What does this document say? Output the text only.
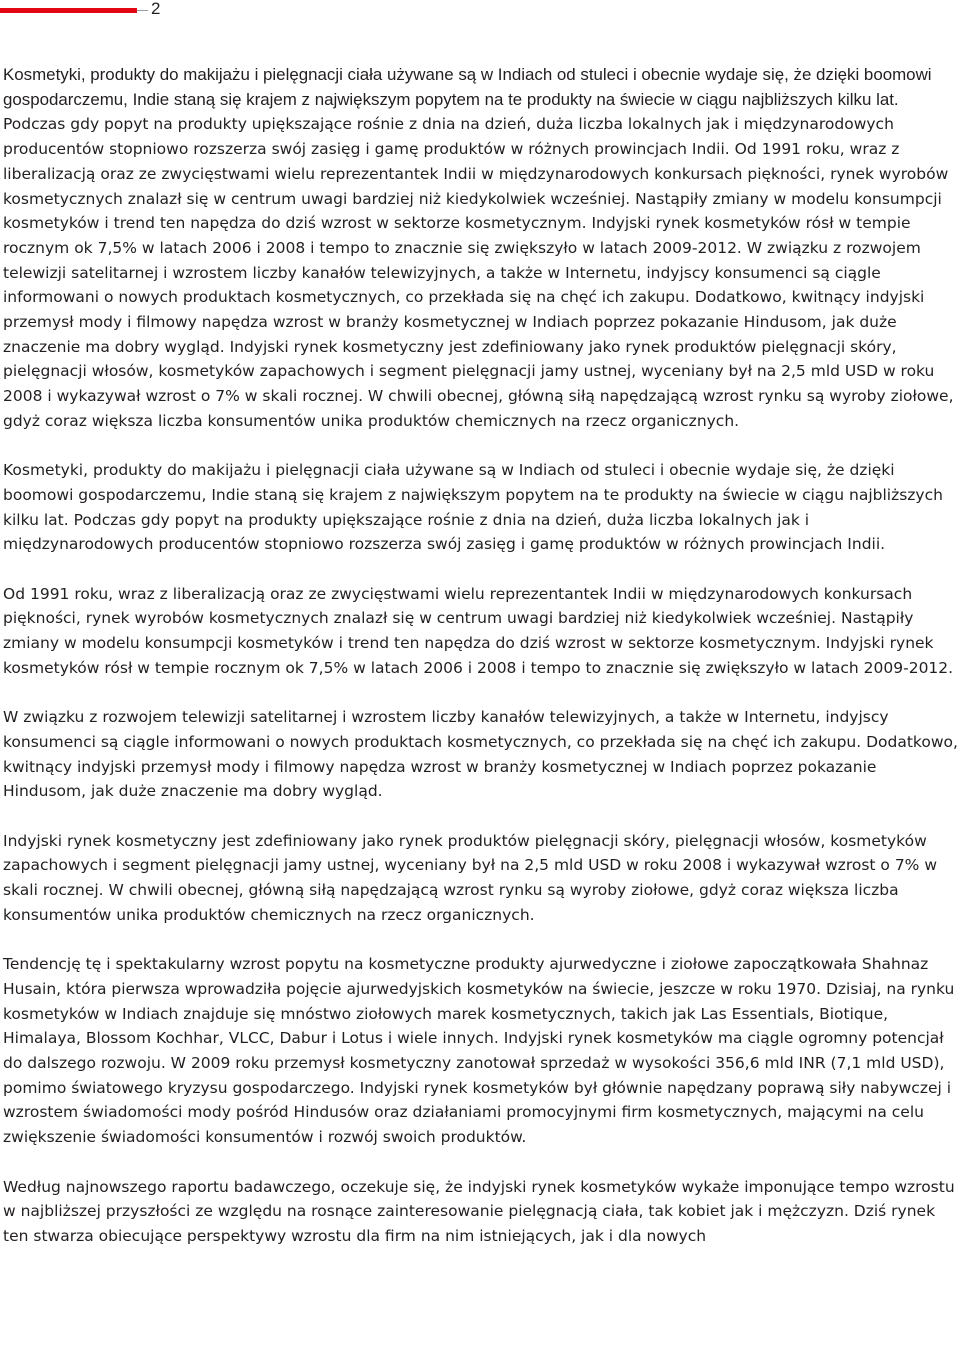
2

Kosmetyki, produkty do makijażu i pielęgnacji ciała używane są w Indiach od stuleci i obecnie wydaje się, że dzięki boomowi gospodarczemu, Indie staną się krajem z największym popytem na te produkty na świecie w ciągu najbliższych kilku lat. Podczas gdy popyt na produkty upiększające rośnie z dnia na dzień, duża liczba lokalnych jak i międzynarodowych producentów stopniowo rozszerza swój zasięg i gamę produktów w różnych prowincjach Indii. Od 1991 roku, wraz z liberalizacją oraz ze zwycięstwami wielu reprezentantek Indii w międzynarodowych konkursach piękności, rynek wyrobów kosmetycznych znalazł się w centrum uwagi bardziej niż kiedykolwiek wcześniej. Nastąpiły zmiany w modelu konsumpcji kosmetyków i trend ten napędza do dziś wzrost w sektorze kosmetycznym. Indyjski rynek kosmetyków rósł w tempie rocznym ok 7,5% w latach 2006 i 2008 i tempo to znacznie się zwiększyło w latach 2009-2012. W związku z rozwojem telewizji satelitarnej i wzrostem liczby kanałów telewizyjnych, a także w Internetu, indyjscy konsumenci są ciągle informowani o nowych produktach kosmetycznych, co przekłada się na chęć ich zakupu. Dodatkowo, kwitnący indyjski przemysł mody i filmowy napędza wzrost w branży kosmetycznej w Indiach poprzez pokazanie Hindusom, jak duże znaczenie ma dobry wygląd. Indyjski rynek kosmetyczny jest zdefiniowany jako rynek produktów pielęgnacji skóry, pielęgnacji włosów, kosmetyków zapachowych i segment pielęgnacji jamy ustnej, wyceniany był na 2,5 mld USD w roku 2008 i wykazywał wzrost o 7% w skali rocznej. W chwili obecnej, główną siłą napędzającą wzrost rynku są wyroby ziołowe, gdyż coraz większa liczba konsumentów unika produktów chemicznych na rzecz organicznych.

Kosmetyki, produkty do makijażu i pielęgnacji ciała używane są w Indiach od stuleci i obecnie wydaje się, że dzięki boomowi gospodarczemu, Indie staną się krajem z największym popytem na te produkty na świecie w ciągu najbliższych kilku lat. Podczas gdy popyt na produkty upiększające rośnie z dnia na dzień, duża liczba lokalnych jak i międzynarodowych producentów stopniowo rozszerza swój zasięg i gamę produktów w różnych prowincjach Indii.

Od 1991 roku, wraz z liberalizacją oraz ze zwycięstwami wielu reprezentantek Indii w międzynarodowych konkursach piękności, rynek wyrobów kosmetycznych znalazł się w centrum uwagi bardziej niż kiedykolwiek wcześniej. Nastąpiły zmiany w modelu konsumpcji kosmetyków i trend ten napędza do dziś wzrost w sektorze kosmetycznym. Indyjski rynek kosmetyków rósł w tempie rocznym ok 7,5% w latach 2006 i 2008 i tempo to znacznie się zwiększyło w latach 2009-2012.

W związku z rozwojem telewizji satelitarnej i wzrostem liczby kanałów telewizyjnych, a także w Internetu, indyjscy konsumenci są ciągle informowani o nowych produktach kosmetycznych, co przekłada się na chęć ich zakupu. Dodatkowo, kwitnący indyjski przemysł mody i filmowy napędza wzrost w branży kosmetycznej w Indiach poprzez pokazanie Hindusom, jak duże znaczenie ma dobry wygląd.

Indyjski rynek kosmetyczny jest zdefiniowany jako rynek produktów pielęgnacji skóry, pielęgnacji włosów, kosmetyków zapachowych i segment pielęgnacji jamy ustnej, wyceniany był na 2,5 mld USD w roku 2008 i wykazywał wzrost o 7% w skali rocznej. W chwili obecnej, główną siłą napędzającą wzrost rynku są wyroby ziołowe, gdyż coraz większa liczba konsumentów unika produktów chemicznych na rzecz organicznych.

Tendencję tę i spektakularny wzrost popytu na kosmetyczne produkty ajurwedyczne i ziołowe zapoczątkowała Shahnaz Husain, która pierwsza wprowadziła pojęcie ajurwedyjskich kosmetyków na świecie, jeszcze w roku 1970. Dzisiaj, na rynku kosmetyków w Indiach znajduje się mnóstwo ziołowych marek kosmetycznych, takich jak Las Essentials, Biotique, Himalaya, Blossom Kochhar, VLCC, Dabur i Lotus i wiele innych. Indyjski rynek kosmetyków ma ciągle ogromny potencjał do dalszego rozwoju. W 2009 roku przemysł kosmetyczny zanotował sprzedaż w wysokości 356,6 mld INR (7,1 mld USD), pomimo światowego kryzysu gospodarczego. Indyjski rynek kosmetyków był głównie napędzany poprawą siły nabywczej i wzrostem świadomości mody pośród Hindusów oraz działaniami promocyjnymi firm kosmetycznych, mającymi na celu zwiększenie świadomości konsumentów i rozwój swoich produktów.

Według najnowszego raportu badawczego, oczekuje się, że indyjski rynek kosmetyków wykaże imponujące tempo wzrostu w najbliższej przyszłości ze względu na rosnące zainteresowanie pielęgnacją ciała, tak kobiet jak i mężczyzn. Dziś rynek ten stwarza obiecujące perspektywy wzrostu dla firm na nim istniejących, jak i dla nowych
